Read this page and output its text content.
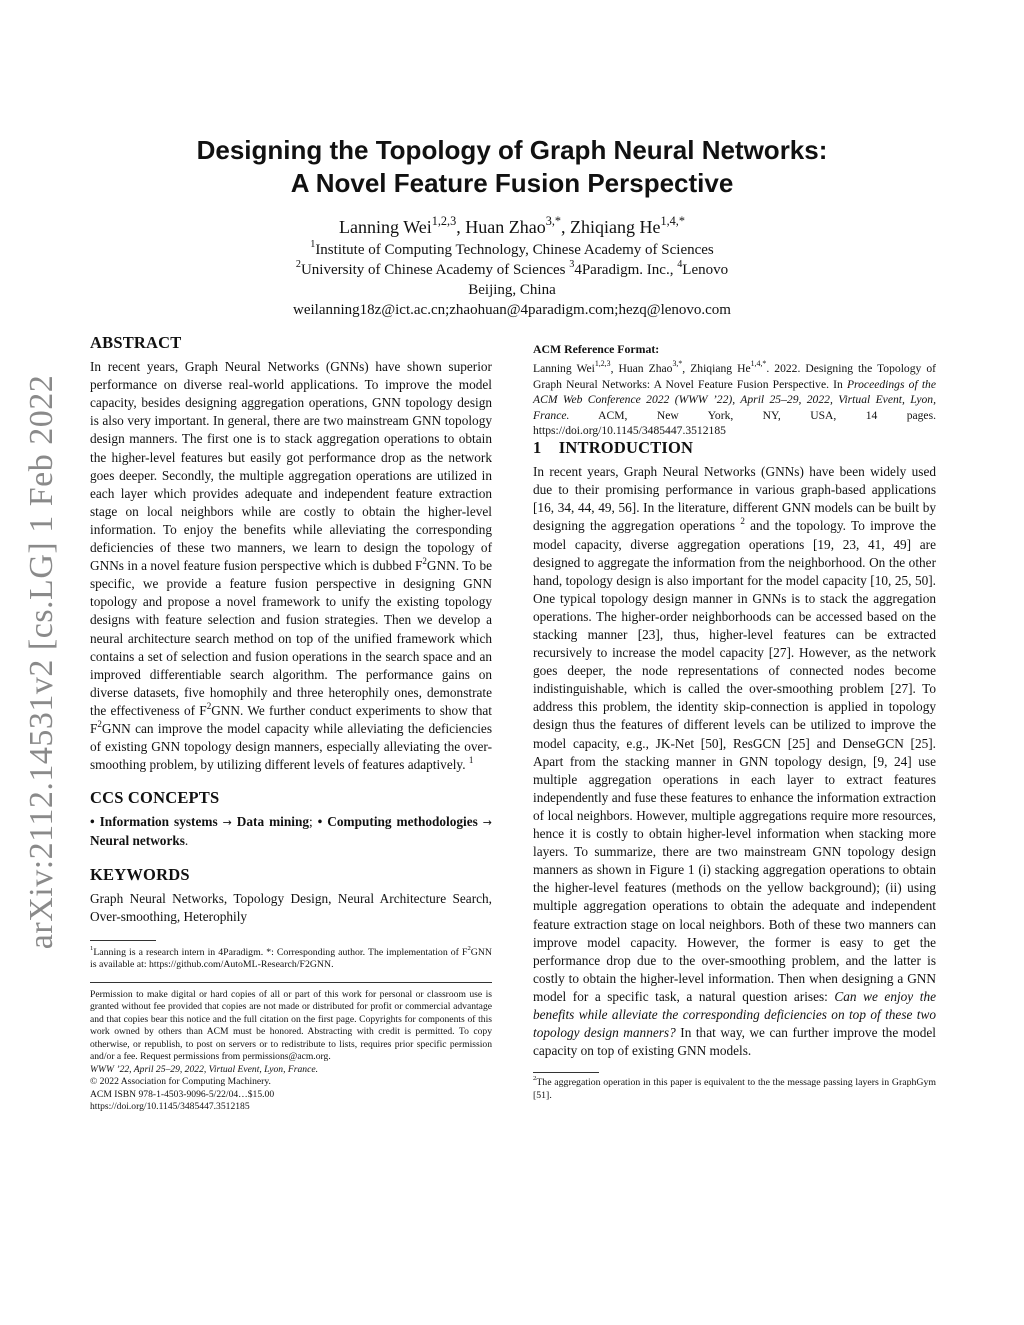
arXiv:2112.14531v2 [cs.LG] 1 Feb 2022
Designing the Topology of Graph Neural Networks:
A Novel Feature Fusion Perspective
Lanning Wei$^{1,2,3}$, Huan Zhao$^{3,*}$, Zhiqiang $He^{1,4,*}$
$^1$Institute of Computing Technology, Chinese Academy of Sciences
$^2$University of Chinese Academy of Sciences $^3$4Paradigm. Inc., $^4$Lenovo
Beijing, China
weilanning18z@ict.ac.cn;zhaohuan@4paradigm.com;hezq@lenovo.com
ABSTRACT

In recent years, Graph Neural Networks (GNNs) have shown superior performance on diverse real-world applications. To improve the model capacity, besides designing aggregation operations, GNN topology design is also very important. In general, there are two mainstream GNN topology design manners. The first one is to stack aggregation operations to obtain the higher-level features but easily got performance drop as the network goes deeper. Secondly, the multiple aggregation operations are utilized in each layer which provides adequate and independent feature extraction stage on local neighbors while are costly to obtain the higher-level information. To enjoy the benefits while alleviating the corresponding deficiencies of these two manners, we learn to design the topology of GNNs in a novel feature fusion perspective which is dubbed $F^2GNN$. To be specific, we provide a feature fusion perspective in designing GNN topology and propose a novel framework to unify the existing topology designs with feature selection and fusion strategies. Then we develop a neural architecture search method on top of the unified framework which contains a set of selection and fusion operations in the search space and an improved differentiable search algorithm. The performance gains on diverse datasets, five homophily and three heterophily ones, demonstrate the effectiveness of $F^2GNN$. We further conduct experiments to show that $F^2GNN$ can improve the model capacity while alleviating the deficiencies of existing GNN topology design manners, especially alleviating the over-smoothing problem, by utilizing different levels of features adaptively. $^1$

CCS CONCEPTS

• Information systems → Data mining; • Computing methodologies → Neural networks.

KEYWORDS

Graph Neural Networks, Topology Design, Neural Architecture Search, Over-smoothing, Heterophily

$^1$Lanning is a research intern in 4Paradigm. *: Corresponding author. The implementation of $F^2GNN$ is available at: https://github.com/AutoML-Research/F2GNN.
Permission to make digital or hard copies of all or part of this work for personal or classroom use is granted without fee provided that copies are not made or distributed for profit or commercial advantage and that copies bear this notice and the full citation on the first page. Copyrights for components of this work owned by others than ACM must be honored. Abstracting with credit is permitted. To copy otherwise, or republish, to post on servers or to redistribute to lists, requires prior specific permission and/or a fee. Request permissions from permissions@acm.org.
WWW ’22, April 25–29, 2022, Virtual Event, Lyon, France.
© 2022 Association for Computing Machinery.
ACM ISBN 978-1-4503-9096-5/22/04…$15.00
https://doi.org/10.1145/3485447.3512185
ACM Reference Format:
Lanning Wei$^{1,2,3}$, Huan Zhao$^{3,*}$, Zhiqiang $He^{1,4,*}$. 2022. Designing the Topology of Graph Neural Networks: A Novel Feature Fusion Perspective. In Proceedings of the ACM Web Conference 2022 (WWW ’22), April 25–29, 2022, Virtual Event, Lyon, France. ACM, New York, NY, USA, 14 pages. https://doi.org/10.1145/3485447.3512185
1    INTRODUCTION

In recent years, Graph Neural Networks (GNNs) have been widely used due to their promising performance in various graph-based applications [16, 34, 44, 49, 56]. In the literature, different GNN models can be built by designing the aggregation operations $^2$ and the topology. To improve the model capacity, diverse aggregation operations [19, 23, 41, 49] are designed to aggregate the information from the neighborhood. On the other hand, topology design is also important for the model capacity [10, 25, 50]. One typical topology design manner in GNNs is to stack the aggregation operations. The higher-order neighborhoods can be accessed based on the stacking manner [23], thus, higher-level features can be extracted recursively to increase the model capacity [27]. However, as the network goes deeper, the node representations of connected nodes become indistinguishable, which is called the over-smoothing problem [27]. To address this problem, the identity skip-connection is applied in topology design thus the features of different levels can be utilized to improve the model capacity, e.g., JK-Net [50], ResGCN [25] and DenseGCN [25]. Apart from the stacking manner in GNN topology design, [9, 24] use multiple aggregation operations in each layer to extract features independently and fuse these features to enhance the information extraction of local neighbors. However, multiple aggregations require more resources, hence it is costly to obtain higher-level information when stacking more layers. To summarize, there are two mainstream GNN topology design manners as shown in Figure 1 (i) stacking aggregation operations to obtain the higher-level features (methods on the yellow background); (ii) using multiple aggregation operations to obtain the adequate and independent feature extraction stage on local neighbors. Both of these two manners can improve model capacity. However, the former is easy to get the performance drop due to the over-smoothing problem, and the latter is costly to obtain the higher-level information. Then when designing a GNN model for a specific task, a natural question arises: Can we enjoy the benefits while alleviate the corresponding deficiencies on top of these two topology design manners? In that way, we can further improve the model capacity on top of existing GNN models.

$^2$The aggregation operation in this paper is equivalent to the the message passing layers in GraphGym [51].
